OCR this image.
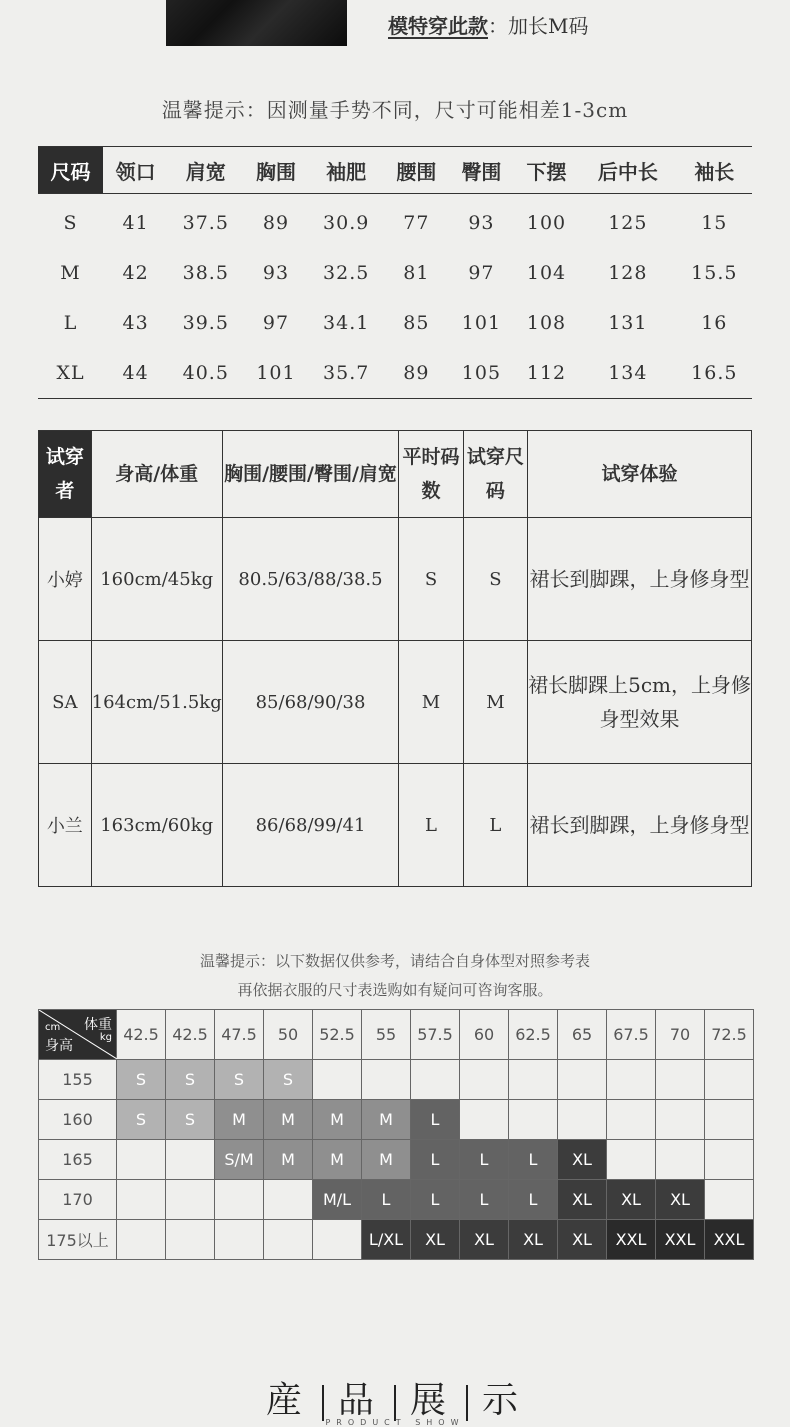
模特穿此款：加长M码
温馨提示：因测量手势不同，尺寸可能相差1-3cm
尺码	领口	肩宽	胸围	袖肥	腰围	臀围	下摆	后中长	袖长
S	41	37.5	89	30.9	77	93	100	125	15
M	42	38.5	93	32.5	81	97	104	128	15.5
L	43	39.5	97	34.1	85	101	108	131	16
XL	44	40.5	101	35.7	89	105	112	134	16.5
试穿者	身高/体重	胸围/腰围/臀围/肩宽	平时码数	试穿尺码	试穿体验
小婷	160cm/45kg	80.5/63/88/38.5	S	S	裙长到脚踝，上身修身型
SA	164cm/51.5kg	85/68/90/38	M	M	裙长脚踝上5cm，上身修身型效果
小兰	163cm/60kg	86/68/99/41	L	L	裙长到脚踝，上身修身型
温馨提示：以下数据仅供参考，请结合自身体型对照参考表
再依据衣服的尺寸表选购如有疑问可咨询客服。
体重
kg
cm
身高	42.5	42.5	47.5	50	52.5	55	57.5	60	62.5	65	67.5	70	72.5
155	S	S	S	S									
160	S	S	M	M	M	M	L						
165			S/M	M	M	M	L	L	L	XL			
170					M/L	L	L	L	L	XL	XL	XL	
175以上						L/XL	XL	XL	XL	XL	XXL	XXL	XXL
産 品 展 示
PRODUCT SHOW
